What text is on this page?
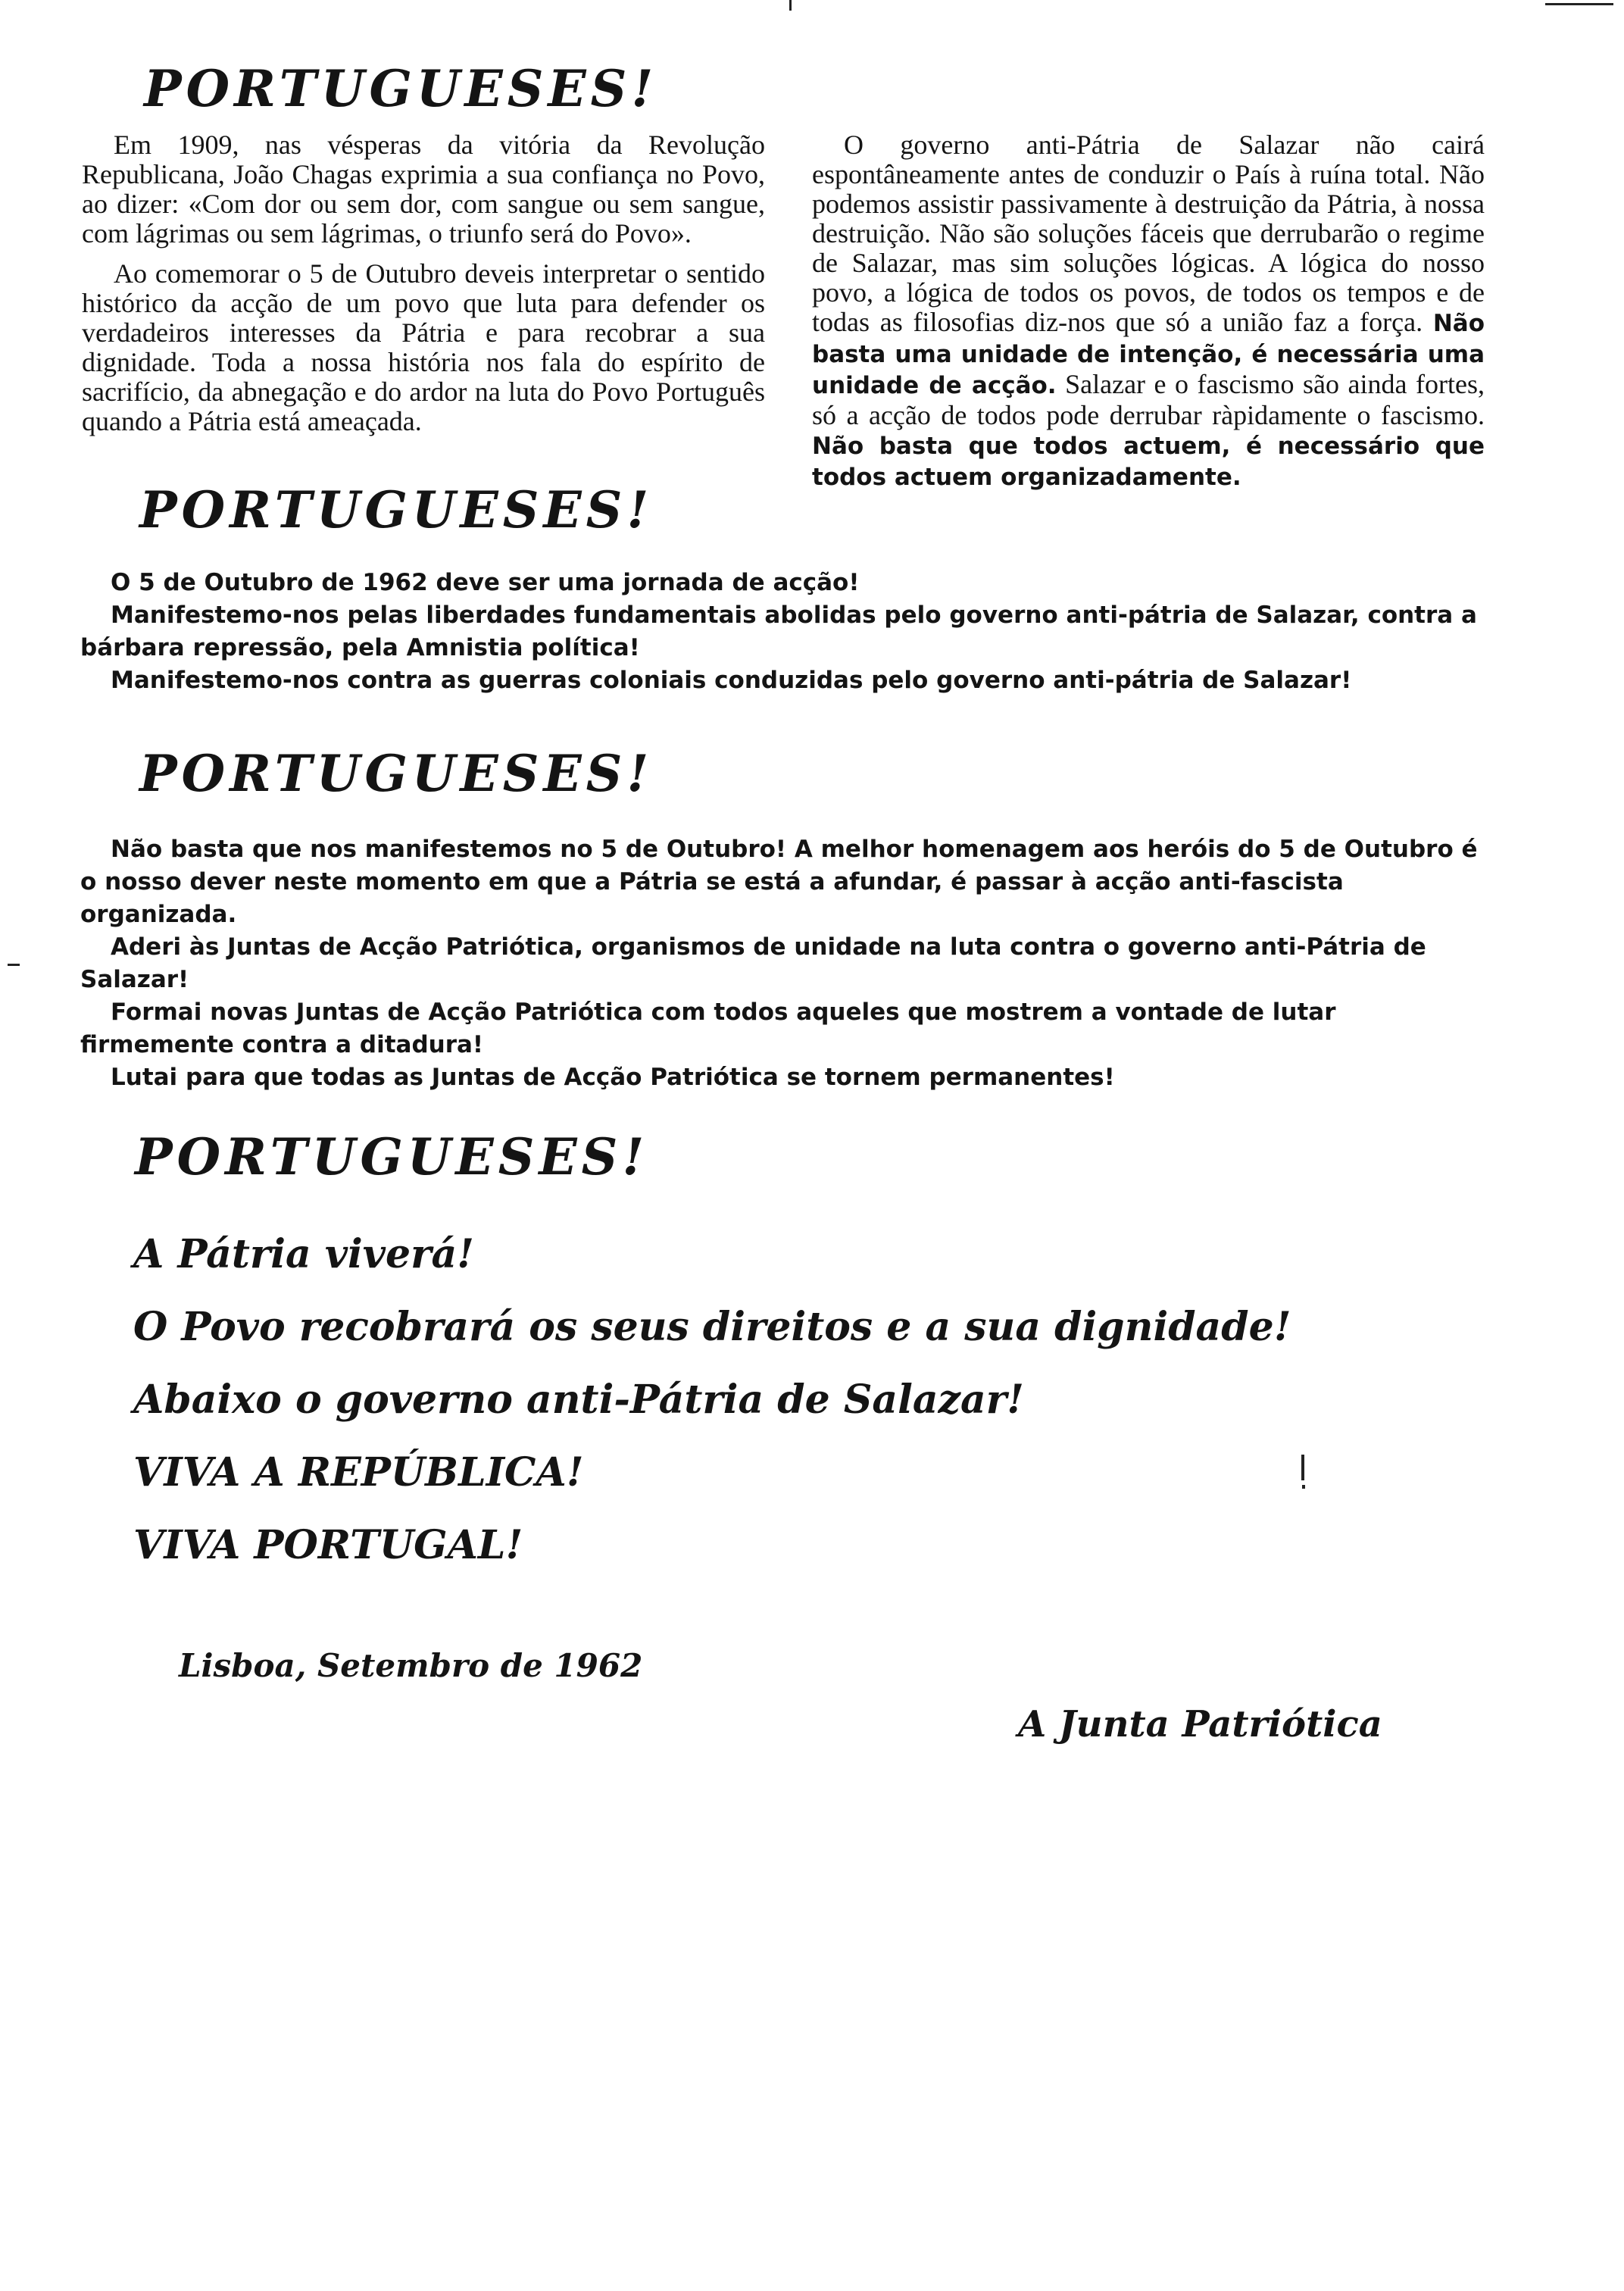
PORTUGUESES!

Em 1909, nas vésperas da vitória da Revolução Republicana, João Chagas exprimia a sua confiança no Povo, ao dizer: «Com dor ou sem dor, com sangue ou sem sangue, com lágrimas ou sem lágrimas, o triunfo será do Povo».

Ao comemorar o 5 de Outubro deveis interpretar o sentido histórico da acção de um povo que luta para defender os verdadeiros interesses da Pátria e para recobrar a sua dignidade. Toda a nossa história nos fala do espírito de sacrifício, da abnegação e do ardor na luta do Povo Português quando a Pátria está ameaçada.

O governo anti-Pátria de Salazar não cairá espontâneamente antes de conduzir o País à ruína total. Não podemos assistir passivamente à destruição da Pátria, à nossa destruição. Não são soluções fáceis que derrubarão o regime de Salazar, mas sim soluções lógicas. A lógica do nosso povo, a lógica de todos os povos, de todos os tempos e de todas as filosofias diz-nos que só a união faz a força. Não basta uma unidade de intenção, é necessária uma unidade de acção. Salazar e o fascismo são ainda fortes, só a acção de todos pode derrubar ràpidamente o fascismo. Não basta que todos actuem, é necessário que todos actuem organizadamente.

PORTUGUESES!

O 5 de Outubro de 1962 deve ser uma jornada de acção!

Manifestemo-nos pelas liberdades fundamentais abolidas pelo governo anti-pátria de Salazar, contra a bárbara repressão, pela Amnistia política!

Manifestemo-nos contra as guerras coloniais conduzidas pelo governo anti-pátria de Salazar!

PORTUGUESES!

Não basta que nos manifestemos no 5 de Outubro! A melhor homenagem aos heróis do 5 de Outubro é o nosso dever neste momento em que a Pátria se está a afundar, é passar à acção anti-fascista organizada.

Aderi às Juntas de Acção Patriótica, organismos de unidade na luta contra o governo anti-Pátria de Salazar!

Formai novas Juntas de Acção Patriótica com todos aqueles que mostrem a vontade de lutar firmemente contra a ditadura!

Lutai para que todas as Juntas de Acção Patriótica se tornem permanentes!

PORTUGUESES!
A Pátria viverá!
O Povo recobrará os seus direitos e a sua dignidade!
Abaixo o governo anti-Pátria de Salazar!
VIVA A REPÚBLICA!
VIVA PORTUGAL!
Lisboa, Setembro de 1962
A Junta Patriótica
